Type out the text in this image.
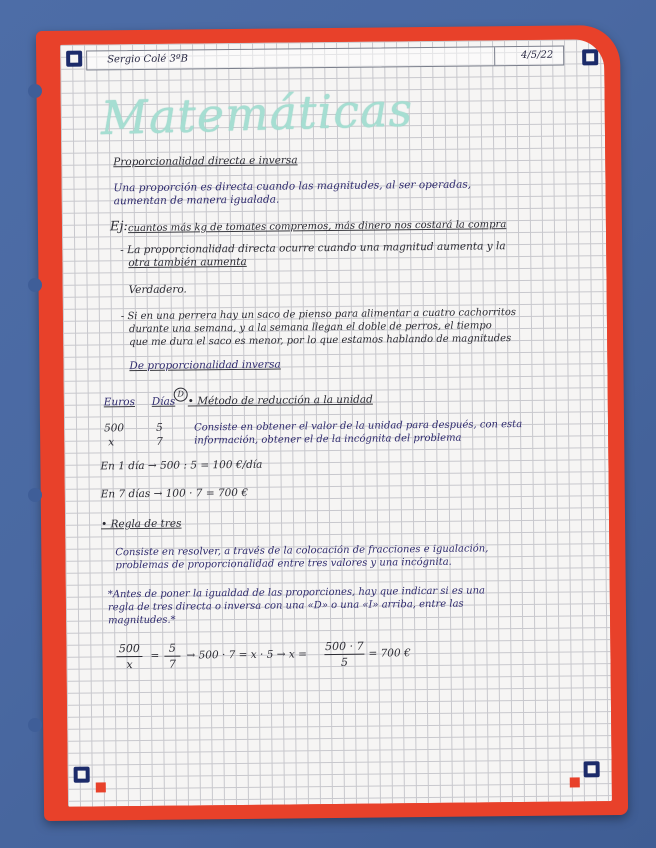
Sergio Colé 3ºB	4/5/22
Matemáticas
Proporcionalidad directa e inversa
Una proporción es directa cuando las magnitudes, al ser operadas,
aumentan de manera igualada.
Ej: cuantos más kg de tomates compremos, más dinero nos costará la compra
- La proporcionalidad directa ocurre cuando una magnitud aumenta y la
otra también aumenta
Verdadero.
- Si en una perrera hay un saco de pienso para alimentar a cuatro cachorritos
durante una semana, y a la semana llegan el doble de perros, el tiempo
que me dura el saco es menor, por lo que estamos hablando de magnitudes
De proporcionalidad inversa
Euros Días
D • Método de reducción a la unidad
500	5
x	7
Consiste en obtener el valor de la unidad para después, con esta
información, obtener el de la incógnita del problema
En 1 día → 500 : 5 = 100 €/día
En 7 días → 100 · 7 = 700 €
• Regla de tres
Consiste en resolver, a través de la colocación de fracciones e igualación,
problemas de proporcionalidad entre tres valores y una incógnita.
*Antes de poner la igualdad de las proporciones, hay que indicar si es una
regla de tres directa o inversa con una «D» o una «I» arriba, entre las
magnitudes.*
500
x
=
5
7
→ 500 · 7 = x · 5 → x =
500 · 7
5
= 700 €
